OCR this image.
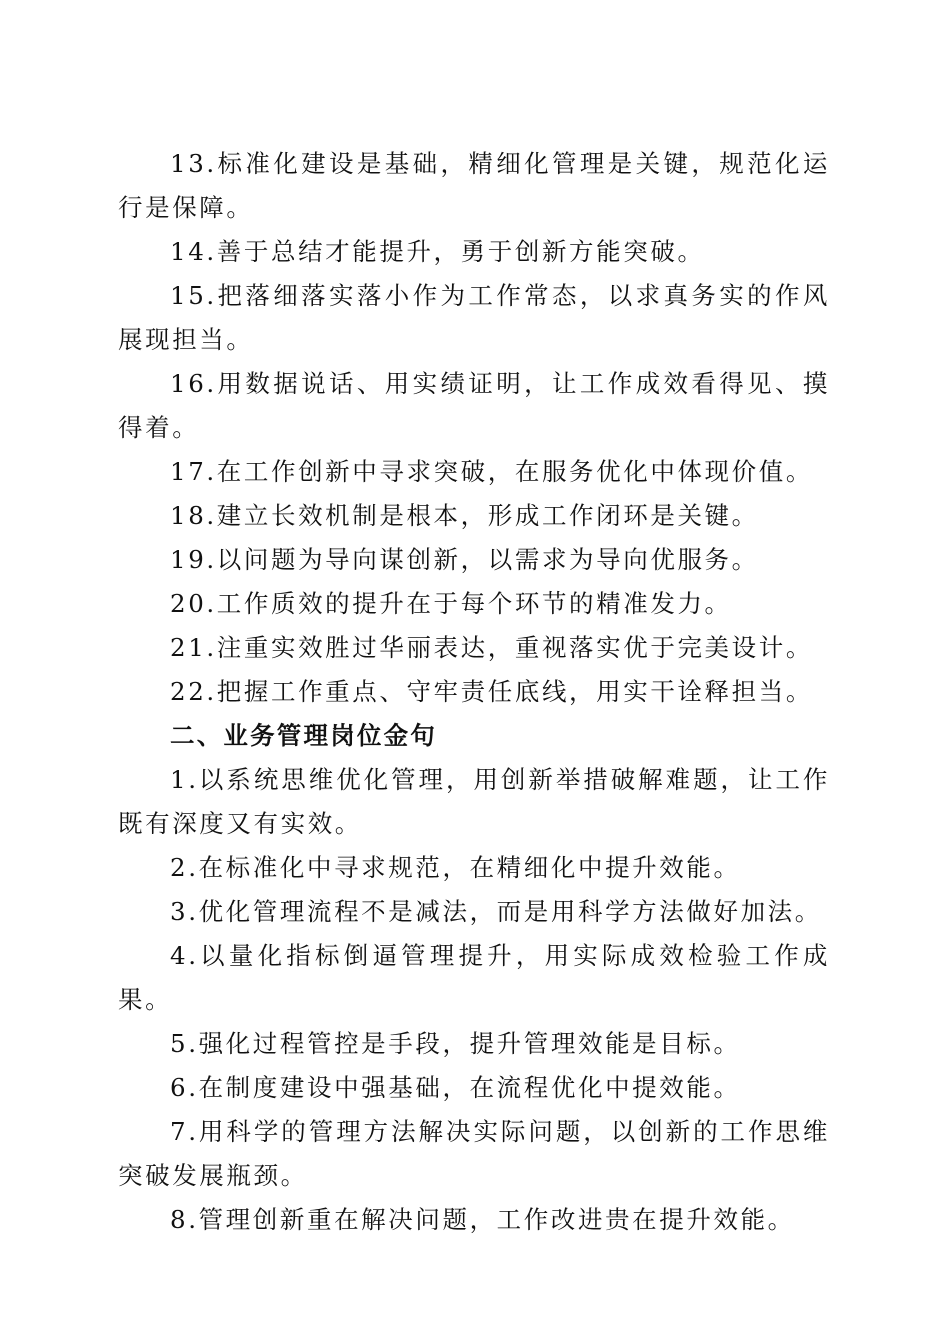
13.标准化建设是基础，精细化管理是关键，规范化运行是保障。

14.善于总结才能提升，勇于创新方能突破。

15.把落细落实落小作为工作常态，以求真务实的作风展现担当。

16.用数据说话、用实绩证明，让工作成效看得见、摸得着。

17.在工作创新中寻求突破，在服务优化中体现价值。

18.建立长效机制是根本，形成工作闭环是关键。

19.以问题为导向谋创新，以需求为导向优服务。

20.工作质效的提升在于每个环节的精准发力。

21.注重实效胜过华丽表达，重视落实优于完美设计。

22.把握工作重点、守牢责任底线，用实干诠释担当。

二、业务管理岗位金句

1.以系统思维优化管理，用创新举措破解难题，让工作既有深度又有实效。

2.在标准化中寻求规范，在精细化中提升效能。

3.优化管理流程不是减法，而是用科学方法做好加法。

4.以量化指标倒逼管理提升，用实际成效检验工作成果。

5.强化过程管控是手段，提升管理效能是目标。

6.在制度建设中强基础，在流程优化中提效能。

7.用科学的管理方法解决实际问题，以创新的工作思维突破发展瓶颈。

8.管理创新重在解决问题，工作改进贵在提升效能。
